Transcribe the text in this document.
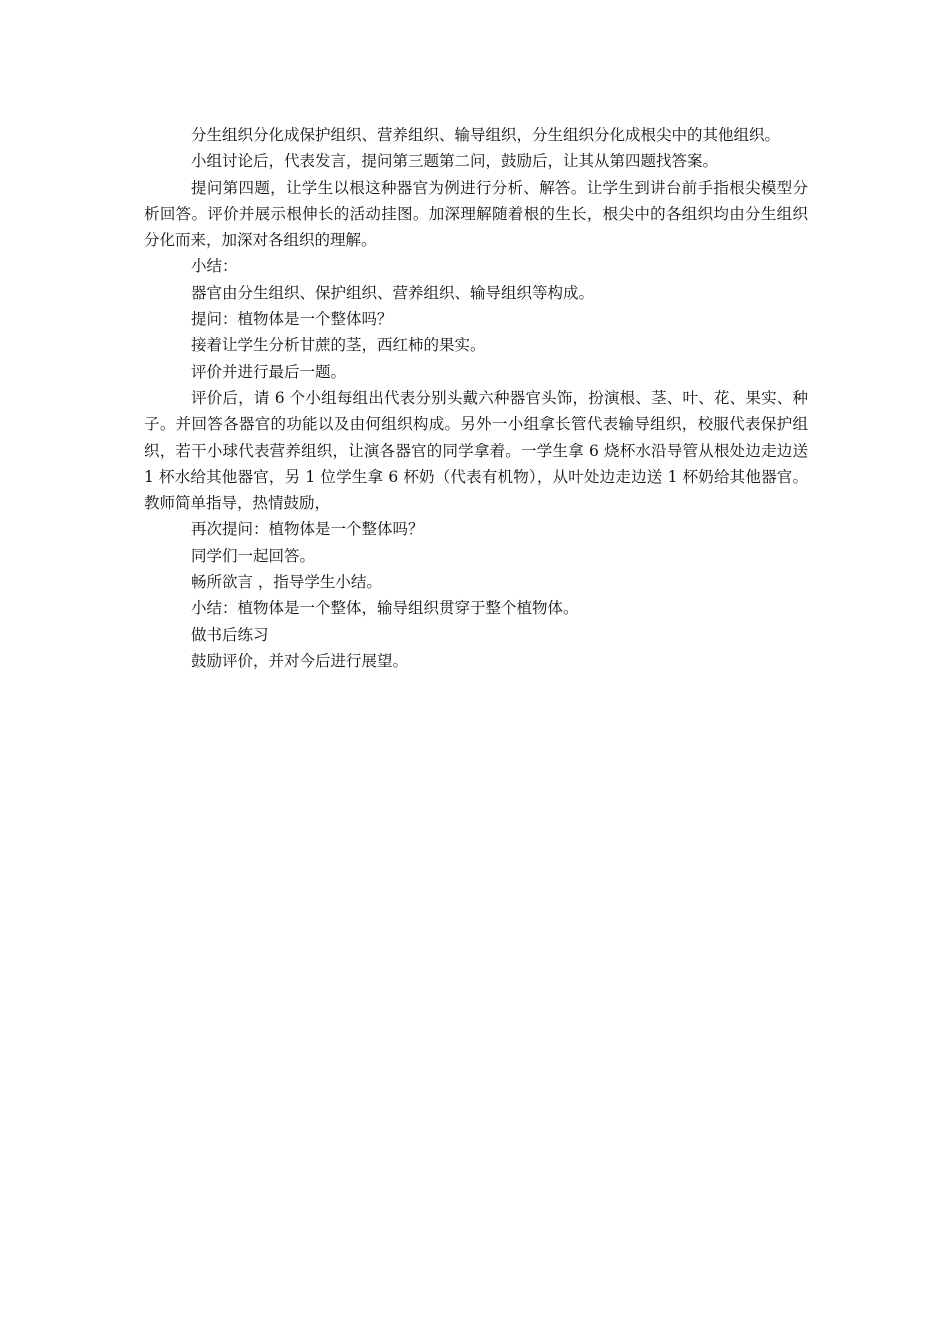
分生组织分化成保护组织、营养组织、输导组织，分生组织分化成根尖中的其他组织。

小组讨论后，代表发言，提问第三题第二问，鼓励后，让其从第四题找答案。

提问第四题，让学生以根这种器官为例进行分析、解答。让学生到讲台前手指根尖模型分析回答。评价并展示根伸长的活动挂图。加深理解随着根的生长，根尖中的各组织均由分生组织分化而来，加深对各组织的理解。

小结：

器官由分生组织、保护组织、营养组织、输导组织等构成。

提问：植物体是一个整体吗？

接着让学生分析甘蔗的茎，西红柿的果实。

评价并进行最后一题。

评价后，请 6 个小组每组出代表分别头戴六种器官头饰，扮演根、茎、叶、花、果实、种子。并回答各器官的功能以及由何组织构成。另外一小组拿长管代表输导组织，校服代表保护组织，若干小球代表营养组织，让演各器官的同学拿着。一学生拿 6 烧杯水沿导管从根处边走边送 1 杯水给其他器官，另 1 位学生拿 6 杯奶（代表有机物），从叶处边走边送 1 杯奶给其他器官。教师简单指导，热情鼓励，

再次提问：植物体是一个整体吗？

同学们一起回答。

畅所欲言 ，指导学生小结。

小结：植物体是一个整体，输导组织贯穿于整个植物体。

做书后练习

鼓励评价，并对今后进行展望。
